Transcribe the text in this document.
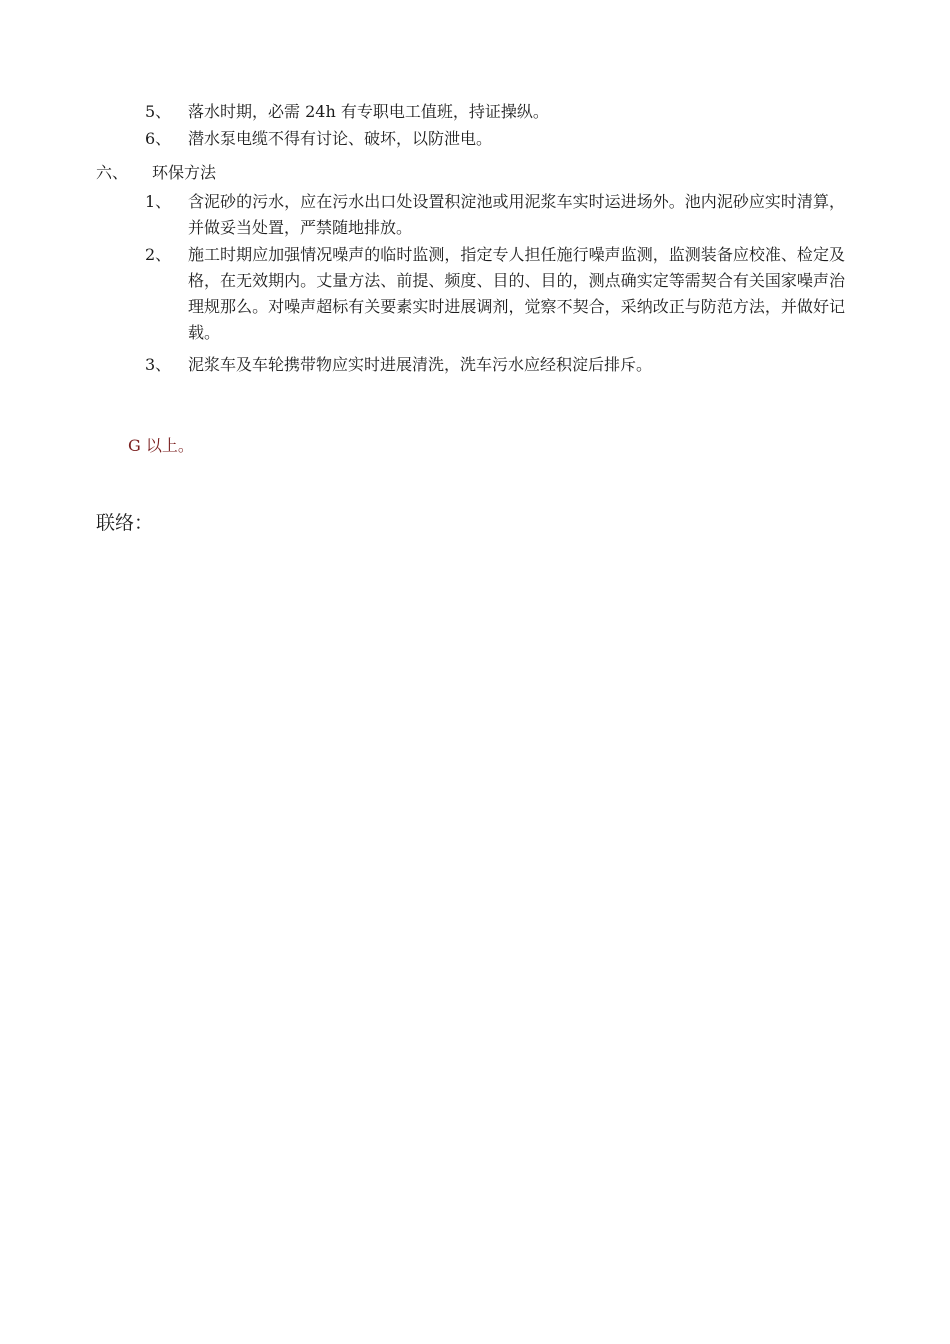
5、	落水时期，必需 24h 有专职电工值班，持证操纵。
6、	潜水泵电缆不得有讨论、破坏，以防泄电。
六、	环保方法
1、	含泥砂的污水，应在污水出口处设置积淀池或用泥浆车实时运进场外。池内泥砂应实时清算，并做妥当处置，严禁随地排放。
2、	施工时期应加强情况噪声的临时监测，指定专人担任施行噪声监测，监测装备应校准、检定及格，在无效期内。丈量方法、前提、频度、目的、目的，测点确实定等需契合有关国家噪声治理规那么。对噪声超标有关要素实时进展调剂，觉察不契合，采纳改正与防范方法，并做好记载。
3、	泥浆车及车轮携带物应实时进展清洗，洗车污水应经积淀后排斥。
G 以上。
联络：
